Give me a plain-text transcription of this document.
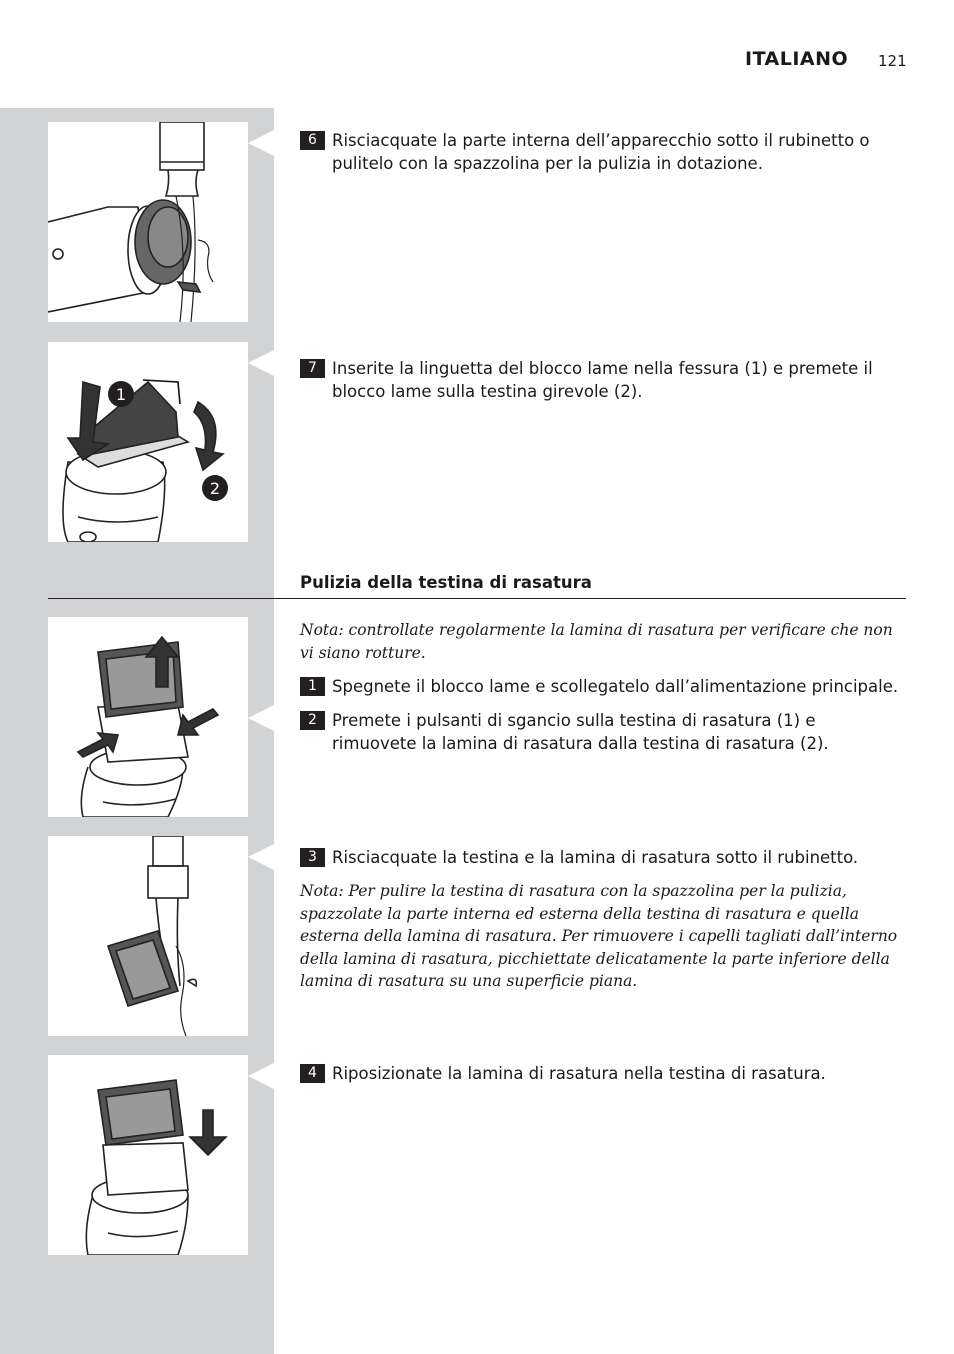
ITALIANO 121
1
2
6 Risciacquate la parte interna dell’apparecchio sotto il rubinetto o pulitelo con la spazzolina per la pulizia in dotazione.
7 Inserite la linguetta del blocco lame nella fessura (1) e premete il blocco lame sulla testina girevole (2).
Pulizia della testina di rasatura
Nota: controllate regolarmente la lamina di rasatura per verificare che non vi siano rotture.
1 Spegnete il blocco lame e scollegatelo dall’alimentazione principale.
2 Premete i pulsanti di sgancio sulla testina di rasatura (1) e rimuovete la lamina di rasatura dalla testina di rasatura (2).
3 Risciacquate la testina e la lamina di rasatura sotto il rubinetto.
Nota: Per pulire la testina di rasatura con la spazzolina per la pulizia, spazzolate la parte interna ed esterna della testina di rasatura e quella esterna della lamina di rasatura. Per rimuovere i capelli tagliati dall’interno della lamina di rasatura, picchiettate delicatamente la parte inferiore della lamina di rasatura su una superficie piana.
4 Riposizionate la lamina di rasatura nella testina di rasatura.
